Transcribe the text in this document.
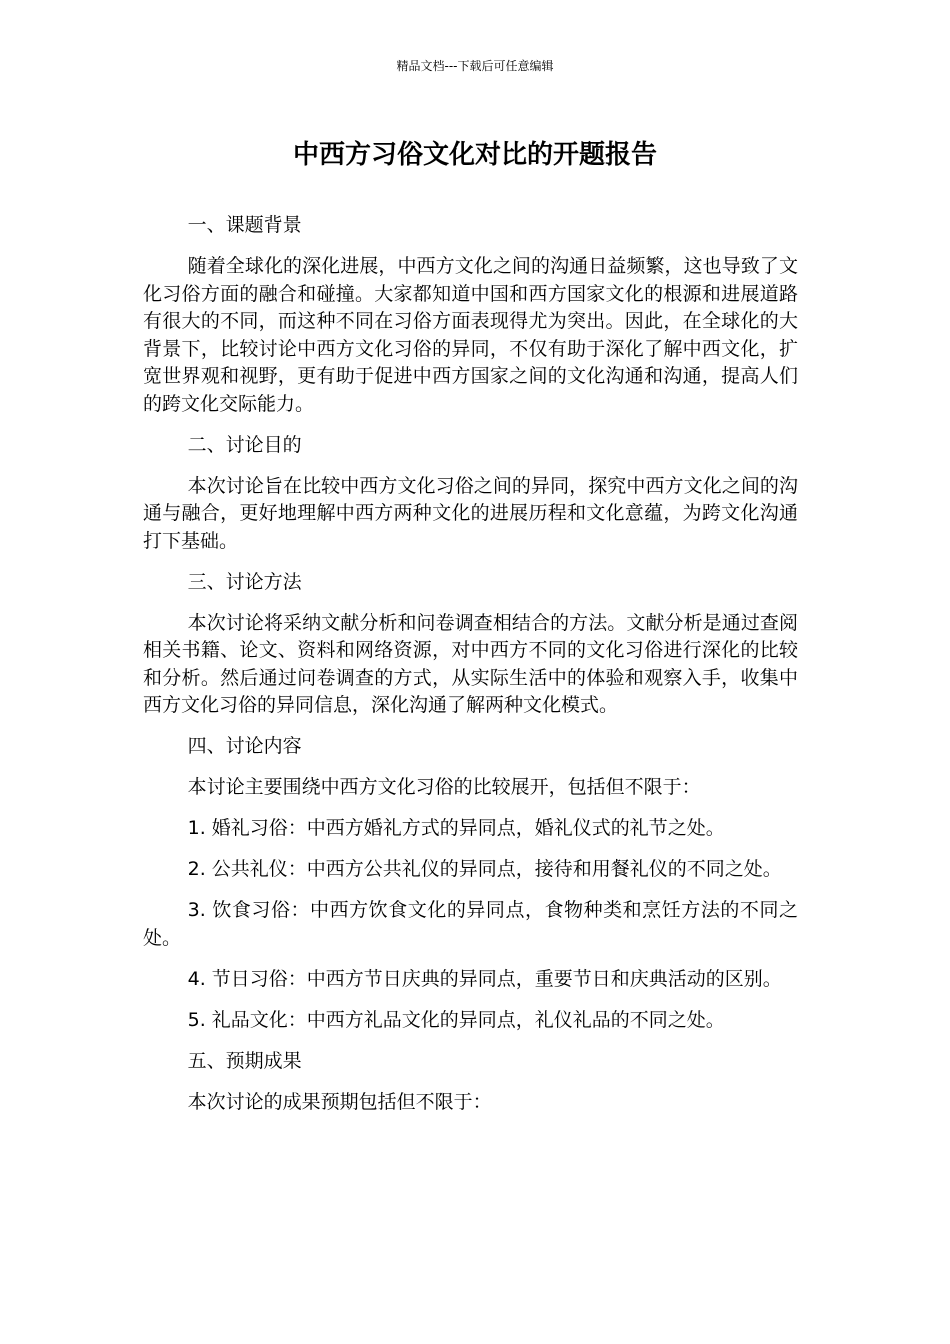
精品文档---下载后可任意编辑
中西方习俗文化对比的开题报告

一、课题背景

随着全球化的深化进展，中西方文化之间的沟通日益频繁，这也导致了文化习俗方面的融合和碰撞。大家都知道中国和西方国家文化的根源和进展道路有很大的不同，而这种不同在习俗方面表现得尤为突出。因此，在全球化的大背景下，比较讨论中西方文化习俗的异同，不仅有助于深化了解中西文化，扩宽世界观和视野，更有助于促进中西方国家之间的文化沟通和沟通，提高人们的跨文化交际能力。

二、讨论目的

本次讨论旨在比较中西方文化习俗之间的异同，探究中西方文化之间的沟通与融合，更好地理解中西方两种文化的进展历程和文化意蕴，为跨文化沟通打下基础。

三、讨论方法

本次讨论将采纳文献分析和问卷调查相结合的方法。文献分析是通过查阅相关书籍、论文、资料和网络资源，对中西方不同的文化习俗进行深化的比较和分析。然后通过问卷调查的方式，从实际生活中的体验和观察入手，收集中西方文化习俗的异同信息，深化沟通了解两种文化模式。

四、讨论内容

本讨论主要围绕中西方文化习俗的比较展开，包括但不限于：

1. 婚礼习俗：中西方婚礼方式的异同点，婚礼仪式的礼节之处。

2. 公共礼仪：中西方公共礼仪的异同点，接待和用餐礼仪的不同之处。

3. 饮食习俗：中西方饮食文化的异同点，食物种类和烹饪方法的不同之处。

4. 节日习俗：中西方节日庆典的异同点，重要节日和庆典活动的区别。

5. 礼品文化：中西方礼品文化的异同点，礼仪礼品的不同之处。

五、预期成果

本次讨论的成果预期包括但不限于：
